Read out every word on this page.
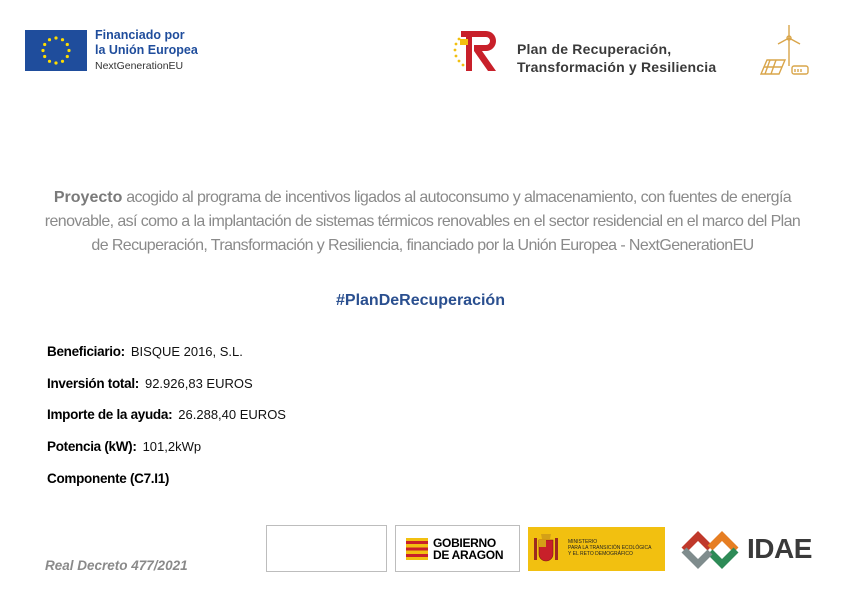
Financiado por
la Unión Europea
NextGenerationEU
Plan de Recuperación,
Transformación y Resiliencia

Proyecto acogido al programa de incentivos ligados al autoconsumo y almacenamiento, con fuentes de energía renovable, así como a la implantación de sistemas térmicos renovables en el sector residencial en el marco del Plan de Recuperación, Transformación y Resiliencia, financiado por la Unión Europea - NextGenerationEU

#PlanDeRecuperación
Beneficiario: BISQUE 2016, S.L.
Inversión total: 92.926,83 EUROS
Importe de la ayuda: 26.288,40 EUROS
Potencia (kW): 101,2kWp
Componente (C7.I1)
Real Decreto 477/2021
GOBIERNO
DE ARAGON
MINISTERIO
PARA LA TRANSICIÓN ECOLÓGICA
Y EL RETO DEMOGRÁFICO	IDAE
